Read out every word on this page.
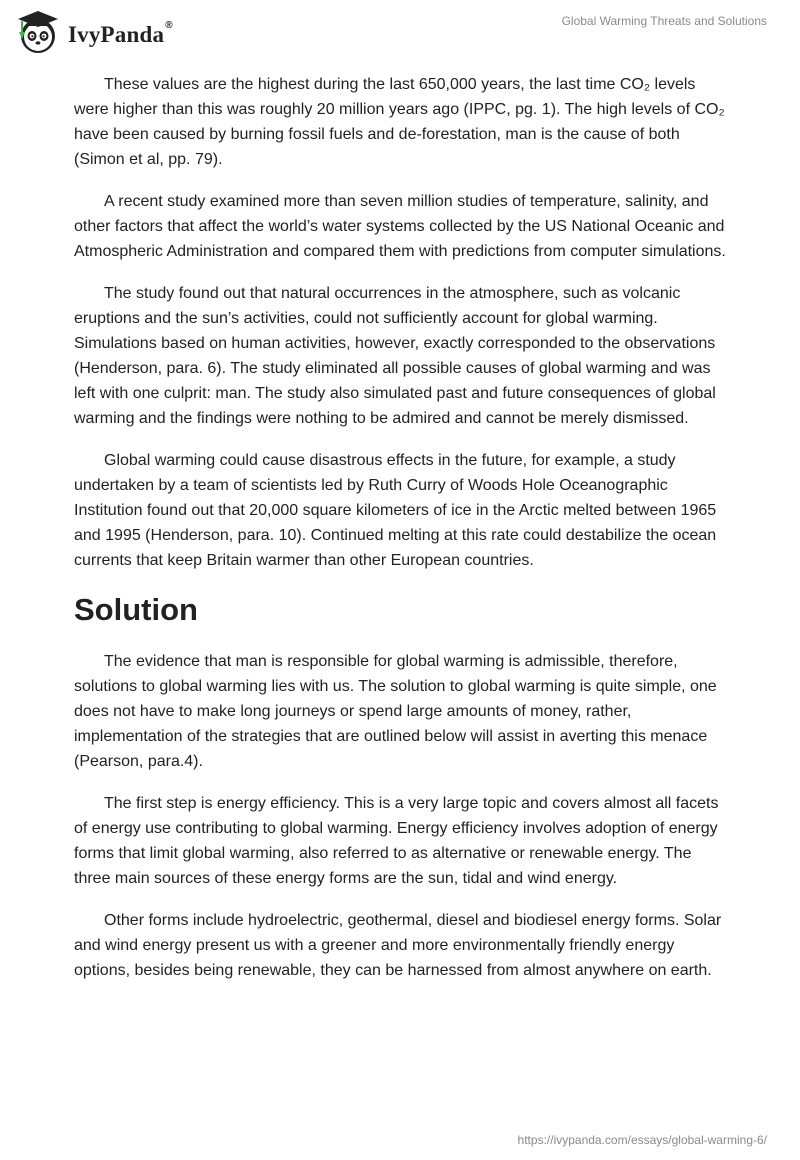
IvyPanda®	Global Warming Threats and Solutions

These values are the highest during the last 650,000 years, the last time CO₂ levels were higher than this was roughly 20 million years ago (IPPC, pg. 1). The high levels of CO₂ have been caused by burning fossil fuels and de-forestation, man is the cause of both (Simon et al, pp. 79).

A recent study examined more than seven million studies of temperature, salinity, and other factors that affect the world’s water systems collected by the US National Oceanic and Atmospheric Administration and compared them with predictions from computer simulations.

The study found out that natural occurrences in the atmosphere, such as volcanic eruptions and the sun’s activities, could not sufficiently account for global warming. Simulations based on human activities, however, exactly corresponded to the observations (Henderson, para. 6). The study eliminated all possible causes of global warming and was left with one culprit: man. The study also simulated past and future consequences of global warming and the findings were nothing to be admired and cannot be merely dismissed.

Global warming could cause disastrous effects in the future, for example, a study undertaken by a team of scientists led by Ruth Curry of Woods Hole Oceanographic Institution found out that 20,000 square kilometers of ice in the Arctic melted between 1965 and 1995 (Henderson, para. 10). Continued melting at this rate could destabilize the ocean currents that keep Britain warmer than other European countries.

Solution

The evidence that man is responsible for global warming is admissible, therefore, solutions to global warming lies with us. The solution to global warming is quite simple, one does not have to make long journeys or spend large amounts of money, rather, implementation of the strategies that are outlined below will assist in averting this menace (Pearson, para.4).

The first step is energy efficiency. This is a very large topic and covers almost all facets of energy use contributing to global warming. Energy efficiency involves adoption of energy forms that limit global warming, also referred to as alternative or renewable energy. The three main sources of these energy forms are the sun, tidal and wind energy.

Other forms include hydroelectric, geothermal, diesel and biodiesel energy forms. Solar and wind energy present us with a greener and more environmentally friendly energy options, besides being renewable, they can be harnessed from almost anywhere on earth.

https://ivypanda.com/essays/global-warming-6/
